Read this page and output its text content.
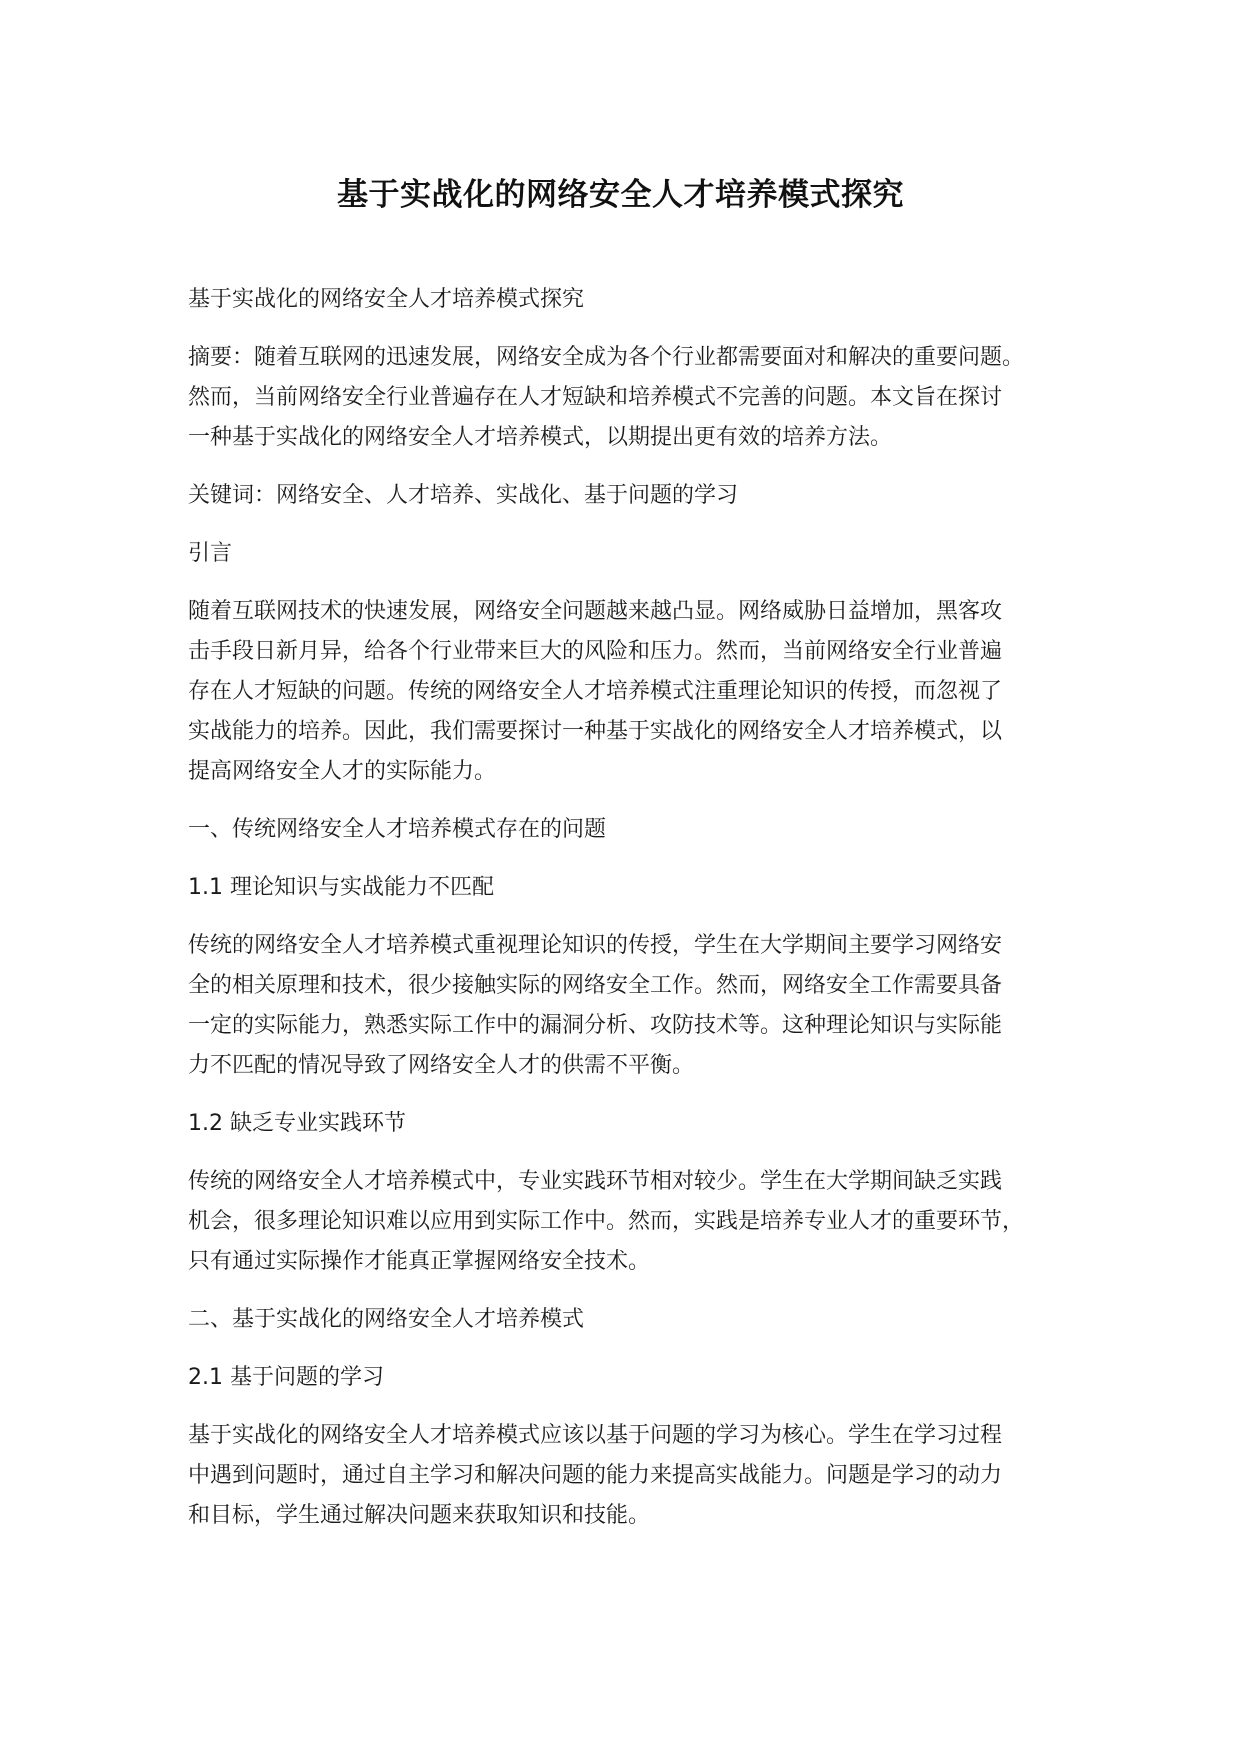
基于实战化的网络安全人才培养模式探究
基于实战化的网络安全人才培养模式探究
摘要：随着互联网的迅速发展，网络安全成为各个行业都需要面对和解决的重要问题。
然而，当前网络安全行业普遍存在人才短缺和培养模式不完善的问题。本文旨在探讨
一种基于实战化的网络安全人才培养模式，以期提出更有效的培养方法。
关键词：网络安全、人才培养、实战化、基于问题的学习
引言
随着互联网技术的快速发展，网络安全问题越来越凸显。网络威胁日益增加，黑客攻
击手段日新月异，给各个行业带来巨大的风险和压力。然而，当前网络安全行业普遍
存在人才短缺的问题。传统的网络安全人才培养模式注重理论知识的传授，而忽视了
实战能力的培养。因此，我们需要探讨一种基于实战化的网络安全人才培养模式，以
提高网络安全人才的实际能力。
一、传统网络安全人才培养模式存在的问题
1.1 理论知识与实战能力不匹配
传统的网络安全人才培养模式重视理论知识的传授，学生在大学期间主要学习网络安
全的相关原理和技术，很少接触实际的网络安全工作。然而，网络安全工作需要具备
一定的实际能力，熟悉实际工作中的漏洞分析、攻防技术等。这种理论知识与实际能
力不匹配的情况导致了网络安全人才的供需不平衡。
1.2 缺乏专业实践环节
传统的网络安全人才培养模式中，专业实践环节相对较少。学生在大学期间缺乏实践
机会，很多理论知识难以应用到实际工作中。然而，实践是培养专业人才的重要环节，
只有通过实际操作才能真正掌握网络安全技术。
二、基于实战化的网络安全人才培养模式
2.1 基于问题的学习
基于实战化的网络安全人才培养模式应该以基于问题的学习为核心。学生在学习过程
中遇到问题时，通过自主学习和解决问题的能力来提高实战能力。问题是学习的动力
和目标，学生通过解决问题来获取知识和技能。
